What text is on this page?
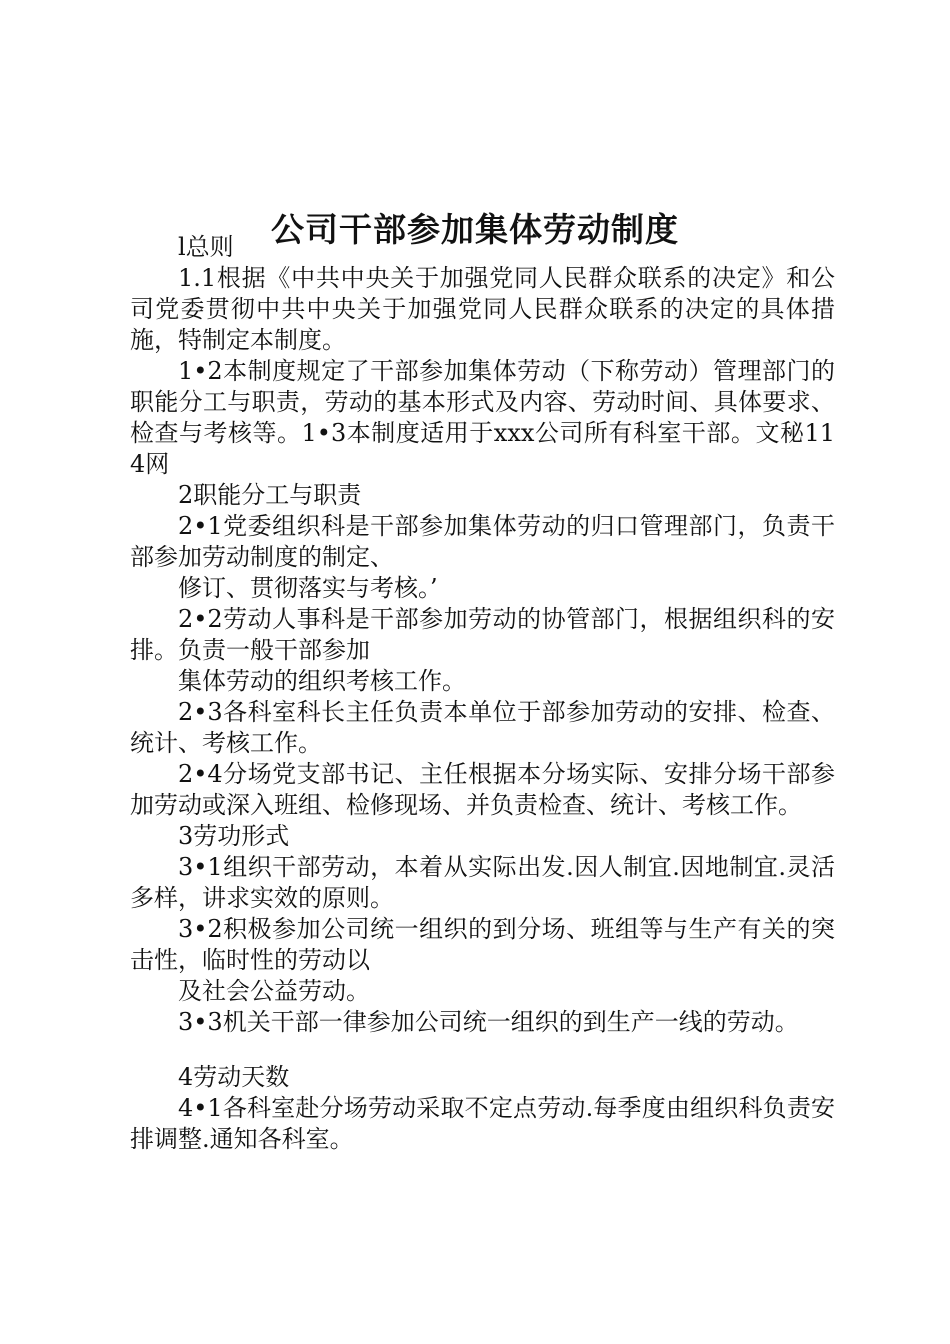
公司干部参加集体劳动制度

l总则

1.1根据《中共中央关于加强党同人民群众联系的决定》和公司党委贯彻中共中央关于加强党同人民群众联系的决定的具体措施，特制定本制度。

1•2本制度规定了干部参加集体劳动（下称劳动）管理部门的职能分工与职责，劳动的基本形式及内容、劳动时间、具体要求、检查与考核等。1•3本制度适用于xxx公司所有科室干部。文秘114网

2职能分工与职责

2•1党委组织科是干部参加集体劳动的归口管理部门，负责干部参加劳动制度的制定、

修订、贯彻落实与考核。’

2•2劳动人事科是干部参加劳动的协管部门，根据组织科的安排。负责一般干部参加

集体劳动的组织考核工作。

2•3各科室科长主任负责本单位于部参加劳动的安排、检查、统计、考核工作。

2•4分场党支部书记、主任根据本分场实际、安排分场干部参加劳动或深入班组、检修现场、并负责检查、统计、考核工作。

3劳功形式

3•1组织干部劳动，本着从实际出发.因人制宜.因地制宜.灵活多样，讲求实效的原则。

3•2积极参加公司统一组织的到分场、班组等与生产有关的突击性，临时性的劳动以

及社会公益劳动。

3•3机关干部一律参加公司统一组织的到生产一线的劳动。

4劳动天数

4•1各科室赴分场劳动采取不定点劳动.每季度由组织科负责安排调整.通知各科室。
